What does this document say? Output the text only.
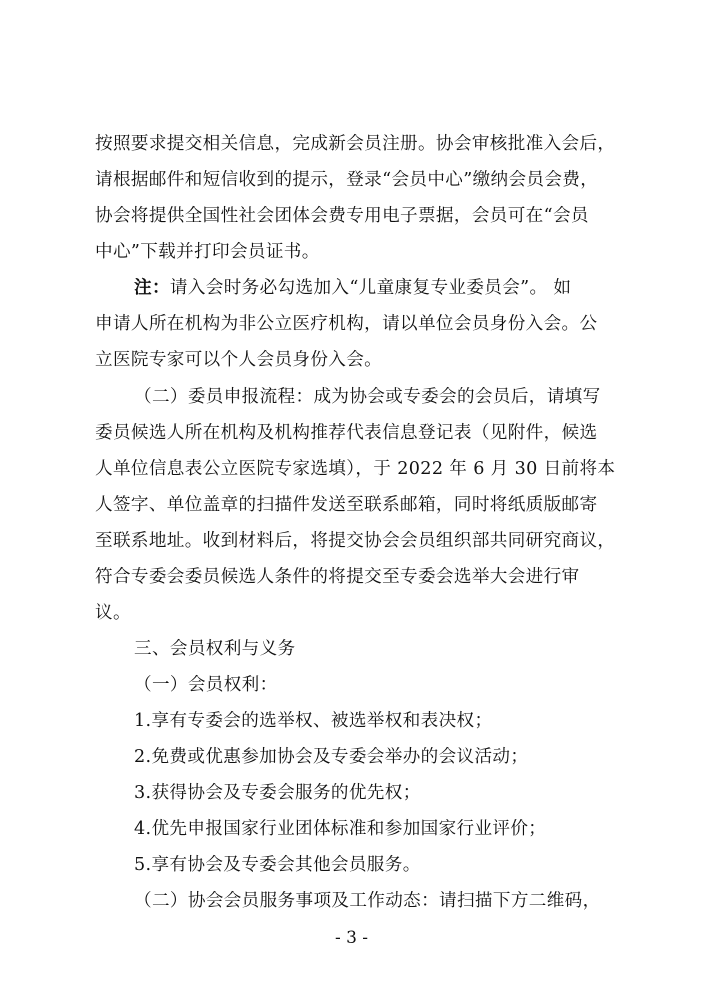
按照要求提交相关信息，完成新会员注册。协会审核批准入会后，
请根据邮件和短信收到的提示，登录“会员中心”缴纳会员会费，
协会将提供全国性社会团体会费专用电子票据，会员可在“会员
中心”下载并打印会员证书。
注：请入会时务必勾选加入“儿童康复专业委员会”。 如
申请人所在机构为非公立医疗机构，请以单位会员身份入会。公
立医院专家可以个人会员身份入会。
（二）委员申报流程：成为协会或专委会的会员后，请填写
委员候选人所在机构及机构推荐代表信息登记表（见附件，候选
人单位信息表公立医院专家选填），于 2022 年 6 月 30 日前将本
人签字、单位盖章的扫描件发送至联系邮箱，同时将纸质版邮寄
至联系地址。收到材料后，将提交协会会员组织部共同研究商议，
符合专委会委员候选人条件的将提交至专委会选举大会进行审
议。
三、会员权利与义务
（一）会员权利：
1.享有专委会的选举权、被选举权和表决权；
2.免费或优惠参加协会及专委会举办的会议活动；
3.获得协会及专委会服务的优先权；
4.优先申报国家行业团体标准和参加国家行业评价；
5.享有协会及专委会其他会员服务。
（二）协会会员服务事项及工作动态：请扫描下方二维码，
- 3 -
